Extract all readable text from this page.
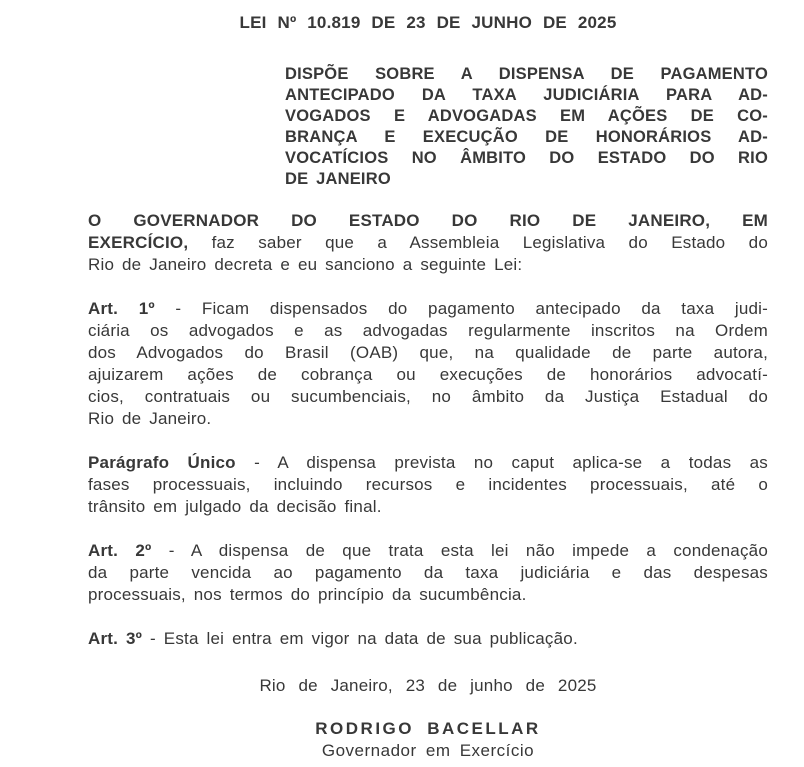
LEI Nº 10.819 DE 23 DE JUNHO DE 2025
DISPÕE SOBRE A DISPENSA DE PAGAMENTO
ANTECIPADO DA TAXA JUDICIÁRIA PARA AD-
VOGADOS E ADVOGADAS EM AÇÕES DE CO-
BRANÇA E EXECUÇÃO DE HONORÁRIOS AD-
VOCATÍCIOS NO ÂMBITO DO ESTADO DO RIO
DE JANEIRO
O GOVERNADOR DO ESTADO DO RIO DE JANEIRO, EM
EXERCÍCIO, faz saber que a Assembleia Legislativa do Estado do
Rio de Janeiro decreta e eu sanciono a seguinte Lei:
Art. 1º - Ficam dispensados do pagamento antecipado da taxa judi-
ciária os advogados e as advogadas regularmente inscritos na Ordem
dos Advogados do Brasil (OAB) que, na qualidade de parte autora,
ajuizarem ações de cobrança ou execuções de honorários advocatí-
cios, contratuais ou sucumbenciais, no âmbito da Justiça Estadual do
Rio de Janeiro.
Parágrafo Único - A dispensa prevista no caput aplica-se a todas as
fases processuais, incluindo recursos e incidentes processuais, até o
trânsito em julgado da decisão final.
Art. 2º - A dispensa de que trata esta lei não impede a condenação
da parte vencida ao pagamento da taxa judiciária e das despesas
processuais, nos termos do princípio da sucumbência.
Art. 3º - Esta lei entra em vigor na data de sua publicação.
Rio de Janeiro, 23 de junho de 2025
RODRIGO BACELLAR
Governador em Exercício
